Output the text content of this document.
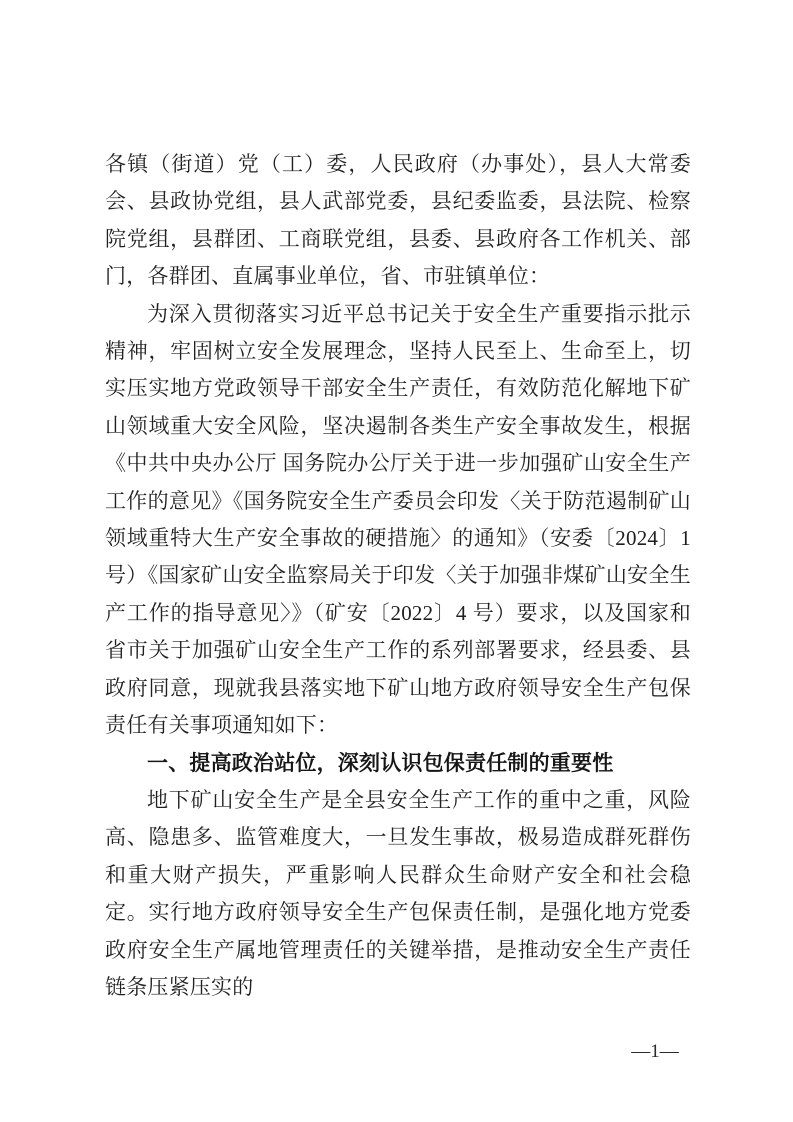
各镇（街道）党（工）委，人民政府（办事处），县人大常委会、县政协党组，县人武部党委，县纪委监委，县法院、检察院党组，县群团、工商联党组，县委、县政府各工作机关、部门，各群团、直属事业单位，省、市驻镇单位：

为深入贯彻落实习近平总书记关于安全生产重要指示批示精神，牢固树立安全发展理念，坚持人民至上、生命至上，切实压实地方党政领导干部安全生产责任，有效防范化解地下矿山领域重大安全风险，坚决遏制各类生产安全事故发生，根据《中共中央办公厅 国务院办公厅关于进一步加强矿山安全生产工作的意见》《国务院安全生产委员会印发〈关于防范遏制矿山领域重特大生产安全事故的硬措施〉的通知》（安委〔2024〕1 号）《国家矿山安全监察局关于印发〈关于加强非煤矿山安全生产工作的指导意见〉》（矿安〔2022〕4 号）要求，以及国家和省市关于加强矿山安全生产工作的系列部署要求，经县委、县政府同意，现就我县落实地下矿山地方政府领导安全生产包保责任有关事项通知如下：

一、提高政治站位，深刻认识包保责任制的重要性

地下矿山安全生产是全县安全生产工作的重中之重，风险高、隐患多、监管难度大，一旦发生事故，极易造成群死群伤和重大财产损失，严重影响人民群众生命财产安全和社会稳定。实行地方政府领导安全生产包保责任制，是强化地方党委政府安全生产属地管理责任的关键举措，是推动安全生产责任链条压紧压实的

—1—
